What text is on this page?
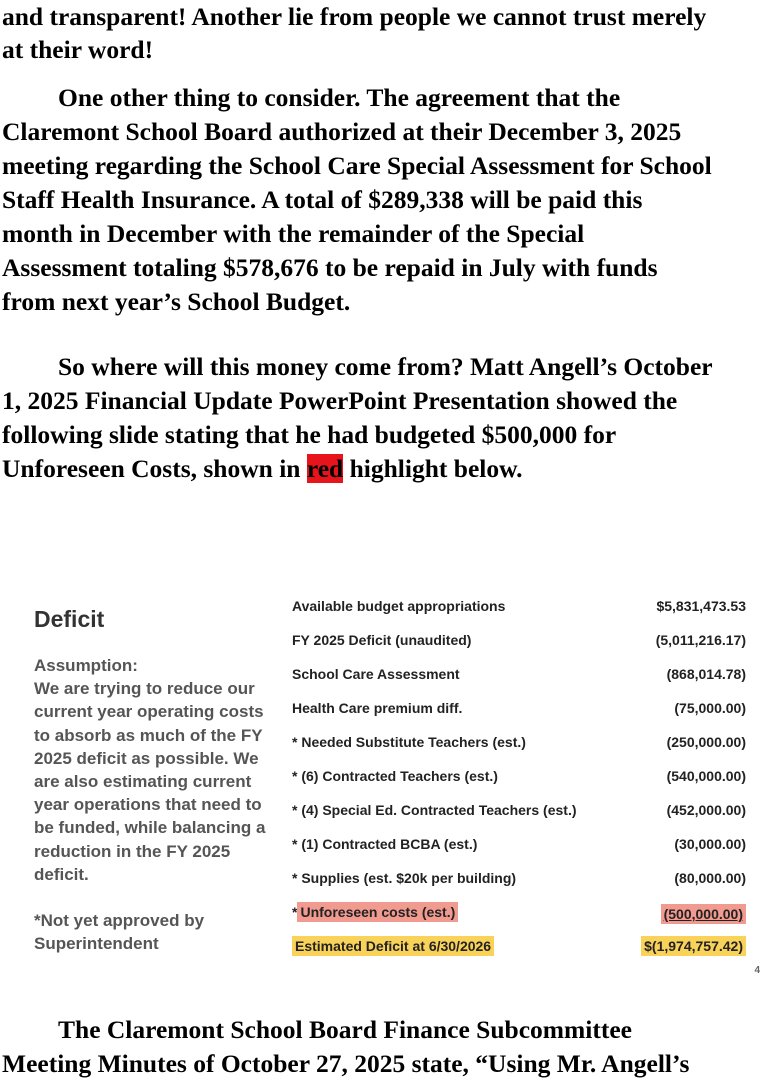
and transparent! Another lie from people we cannot trust merely
at their word!
One other thing to consider. The agreement that the
Claremont School Board authorized at their December 3, 2025
meeting regarding the School Care Special Assessment for School
Staff Health Insurance. A total of $289,338 will be paid this
month in December with the remainder of the Special
Assessment totaling $578,676 to be repaid in July with funds
from next year’s School Budget.
So where will this money come from? Matt Angell’s October
1, 2025 Financial Update PowerPoint Presentation showed the
following slide stating that he had budgeted $500,000 for
Unforeseen Costs, shown in red highlight below.
Deficit
Assumption:
We are trying to reduce our current year operating costs to absorb as much of the FY 2025 deficit as possible. We are also estimating current year operations that need to be funded, while balancing a reduction in the FY 2025 deficit.
*Not yet approved by Superintendent
Available budget appropriations	$5,831,473.53
FY 2025 Deficit (unaudited)	(5,011,216.17)
School Care Assessment	(868,014.78)
Health Care premium diff.	(75,000.00)
* Needed Substitute Teachers (est.)	(250,000.00)
* (6) Contracted Teachers (est.)	(540,000.00)
* (4) Special Ed. Contracted Teachers (est.)	(452,000.00)
* (1) Contracted BCBA (est.)	(30,000.00)
* Supplies (est. $20k per building)	(80,000.00)
* Unforeseen costs (est.)	(500,000.00)
Estimated Deficit at 6/30/2026	$(1,974,757.42)
4
The Claremont School Board Finance Subcommittee
Meeting Minutes of October 27, 2025 state, “Using Mr. Angell’s
